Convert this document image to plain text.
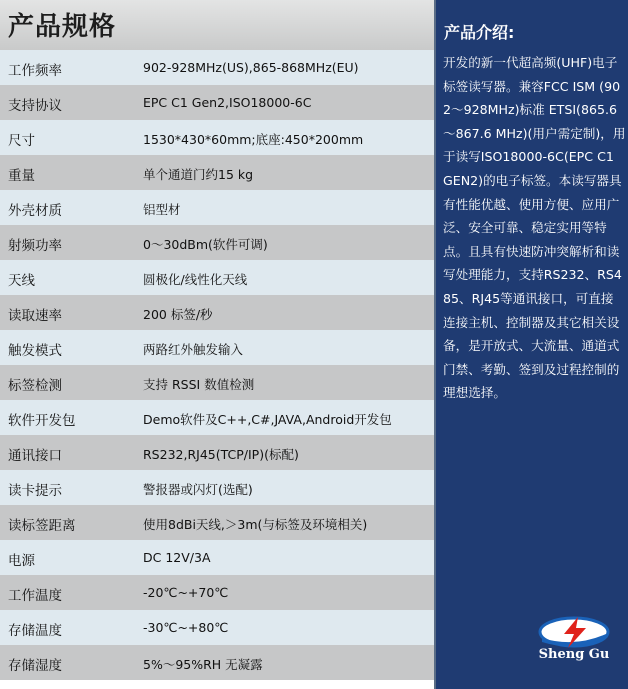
产品规格
工作频率	902-928MHz(US),865-868MHz(EU)
支持协议	EPC C1 Gen2,ISO18000-6C
尺寸	1530*430*60mm;底座:450*200mm
重量	单个通道门约15 kg
外壳材质	铝型材
射频功率	0～30dBm(软件可调)
天线	圆极化/线性化天线
读取速率	200 标签/秒
触发模式	两路红外触发输入
标签检测	支持 RSSI 数值检测
软件开发包	Demo软件及C++,C#,JAVA,Android开发包
通讯接口	RS232,RJ45(TCP/IP)(标配)
读卡提示	警报器或闪灯(选配)
读标签距离	使用8dBi天线,＞3m(与标签及环境相关)
电源	DC 12V/3A
工作温度	-20℃~+70℃
存储温度	-30℃~+80℃
存储湿度	5%～95%RH 无凝露
产品介绍:
开发的新一代超高频(UHF)电子标签读写器。兼容FCC ISM (902～928MHz)标准 ETSI(865.6～867.6 MHz)(用户需定制)，用于读写ISO18000-6C(EPC C1 GEN2)的电子标签。本读写器具有性能优越、使用方便、应用广泛、安全可靠、稳定实用等特点。且具有快速防冲突解析和读写处理能力，支持RS232、RS485、RJ45等通讯接口，可直接连接主机、控制器及其它相关设备，是开放式、大流量、通道式门禁、考勤、签到及过程控制的理想选择。
Sheng Gu
